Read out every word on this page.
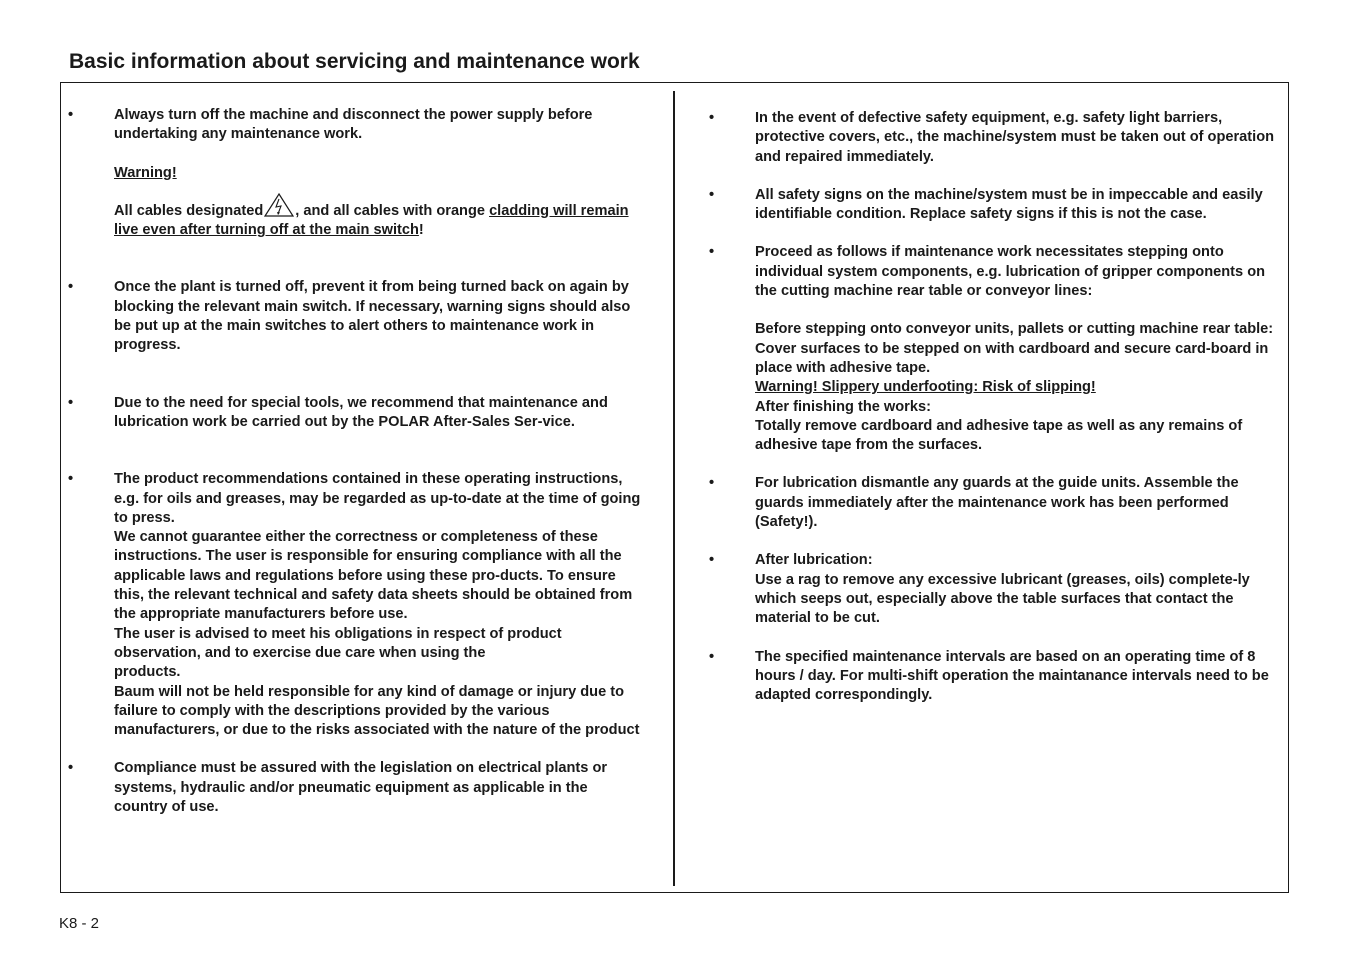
Basic information about servicing and maintenance work
•	Always turn off the machine and disconnect the power supply before undertaking any maintenance work.

Warning!

All cables designated , and all cables with orange cladding will remain live even after turning off at the main switch!

•	Once the plant is turned off, prevent it from being turned back on again by blocking the relevant main switch. If necessary, warning signs should also be put up at the main switches to alert others to maintenance work in progress.

•	Due to the need for special tools, we recommend that maintenance and lubrication work be carried out by the POLAR After-Sales Ser-vice.

•	The product recommendations contained in these operating instructions, e.g. for oils and greases, may be regarded as up-to-date at the time of going to press.

We cannot guarantee either the correctness or completeness of these instructions. The user is responsible for ensuring compliance with all the applicable laws and regulations before using these pro-ducts. To ensure this, the relevant technical and safety data sheets should be obtained from the appropriate manufacturers before use.

The user is advised to meet his obligations in respect of product observation, and to exercise due care when using the

products.

Baum will not be held responsible for any kind of damage or injury due to failure to comply with the descriptions provided by the various manufacturers, or due to the risks associated with the nature of the product

•	Compliance must be assured with the legislation on electrical plants or systems, hydraulic and/or pneumatic equipment as applicable in the country of use.

•	In the event of defective safety equipment, e.g. safety light barriers, protective covers, etc., the machine/system must be taken out of operation and repaired immediately.

•	All safety signs on the machine/system must be in impeccable and easily identifiable condition. Replace safety signs if this is not the case.

•	Proceed as follows if maintenance work necessitates stepping onto individual system components, e.g. lubrication of gripper components on the cutting machine rear table or conveyor lines:

Before stepping onto conveyor units, pallets or cutting machine rear table:

Cover surfaces to be stepped on with cardboard and secure card-board in place with adhesive tape.

Warning! Slippery underfooting: Risk of slipping!

After finishing the works:

Totally remove cardboard and adhesive tape as well as any remains of adhesive tape from the surfaces.

•	For lubrication dismantle any guards at the guide units. Assemble the guards immediately after the maintenance work has been performed (Safety!).

•	After lubrication:

Use a rag to remove any excessive lubricant (greases, oils) complete-ly which seeps out, especially above the table surfaces that contact the material to be cut.

•	The specified maintenance intervals are based on an operating time of 8 hours / day. For multi-shift operation the maintanance intervals need to be adapted correspondingly.

K8 - 2
